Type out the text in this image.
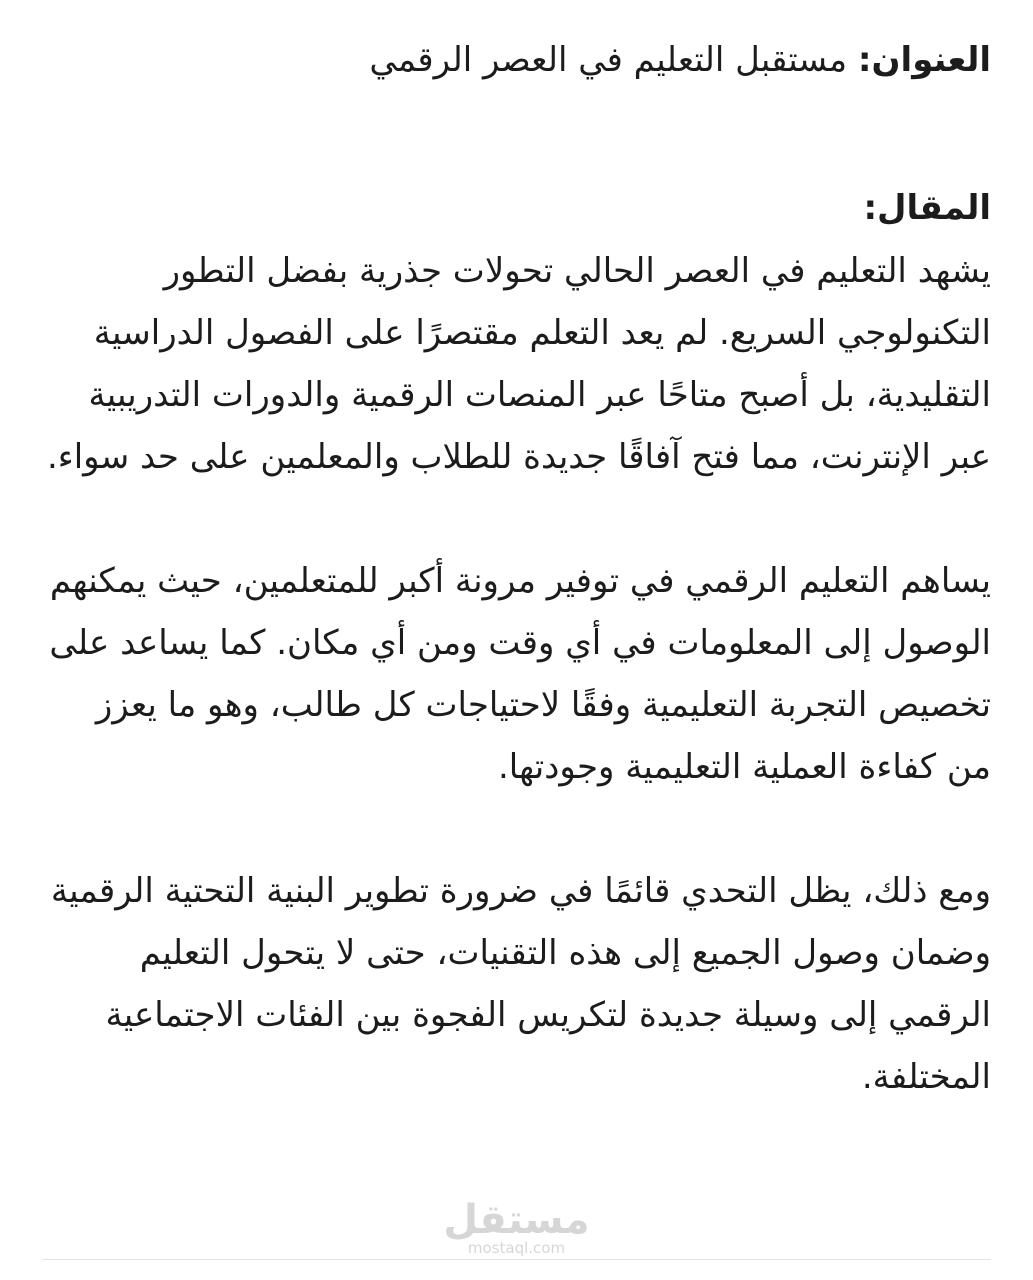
العنوان: مستقبل التعليم في العصر الرقمي

المقال:

يشهد التعليم في العصر الحالي تحولات جذرية بفضل التطور التكنولوجي السريع. لم يعد التعلم مقتصرًا على الفصول الدراسية التقليدية، بل أصبح متاحًا عبر المنصات الرقمية والدورات التدريبية عبر الإنترنت، مما فتح آفاقًا جديدة للطلاب والمعلمين على حد سواء.

يساهم التعليم الرقمي في توفير مرونة أكبر للمتعلمين، حيث يمكنهم الوصول إلى المعلومات في أي وقت ومن أي مكان. كما يساعد على تخصيص التجربة التعليمية وفقًا لاحتياجات كل طالب، وهو ما يعزز من كفاءة العملية التعليمية وجودتها.

ومع ذلك، يظل التحدي قائمًا في ضرورة تطوير البنية التحتية الرقمية وضمان وصول الجميع إلى هذه التقنيات، حتى لا يتحول التعليم الرقمي إلى وسيلة جديدة لتكريس الفجوة بين الفئات الاجتماعية المختلفة.

مستقل
mostaql.com
